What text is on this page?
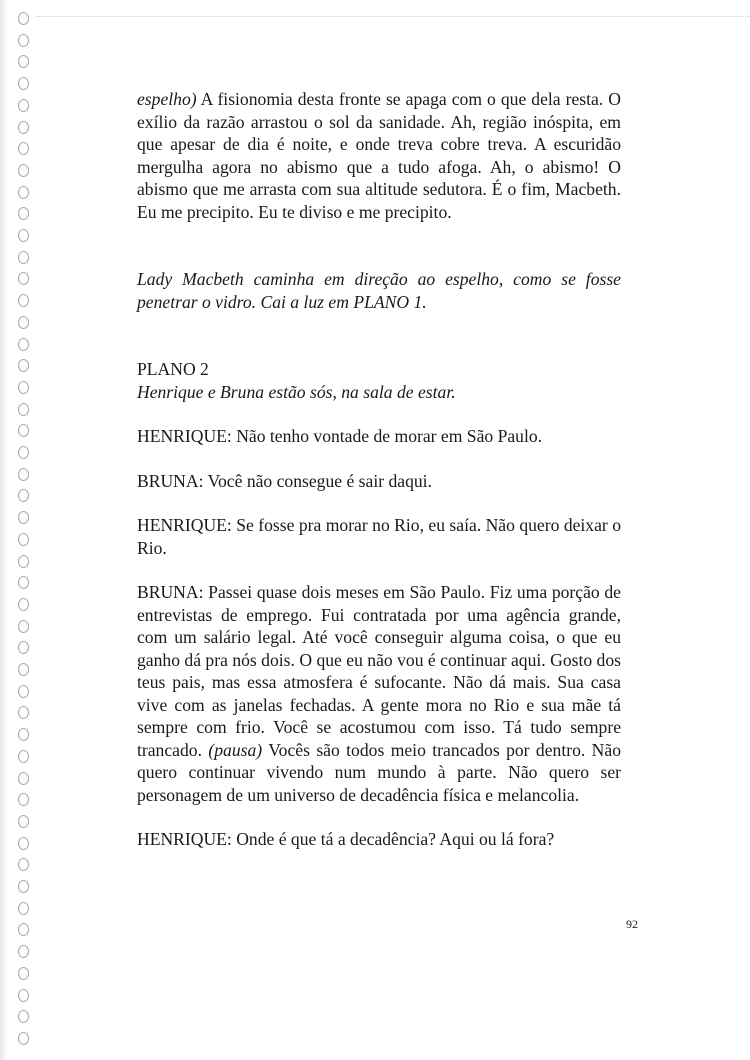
espelho) A fisionomia desta fronte se apaga com o que dela resta. O exílio da razão arrastou o sol da sanidade. Ah, região inóspita, em que apesar de dia é noite, e onde treva cobre treva. A escuridão mergulha agora no abismo que a tudo afoga. Ah, o abismo! O abismo que me arrasta com sua altitude sedutora. É o fim, Macbeth. Eu me precipito. Eu te diviso e me precipito.

Lady Macbeth caminha em direção ao espelho, como se fosse penetrar o vidro. Cai a luz em PLANO 1.

PLANO 2

Henrique e Bruna estão sós, na sala de estar.

HENRIQUE: Não tenho vontade de morar em São Paulo.

BRUNA: Você não consegue é sair daqui.

HENRIQUE: Se fosse pra morar no Rio, eu saía. Não quero deixar o Rio.

BRUNA: Passei quase dois meses em São Paulo. Fiz uma porção de entrevistas de emprego. Fui contratada por uma agência grande, com um salário legal. Até você conseguir alguma coisa, o que eu ganho dá pra nós dois. O que eu não vou é continuar aqui. Gosto dos teus pais, mas essa atmosfera é sufocante. Não dá mais. Sua casa vive com as janelas fechadas. A gente mora no Rio e sua mãe tá sempre com frio. Você se acostumou com isso. Tá tudo sempre trancado. (pausa) Vocês são todos meio trancados por dentro. Não quero continuar vivendo num mundo à parte. Não quero ser personagem de um universo de decadência física e melancolia.

HENRIQUE: Onde é que tá a decadência? Aqui ou lá fora?

92
